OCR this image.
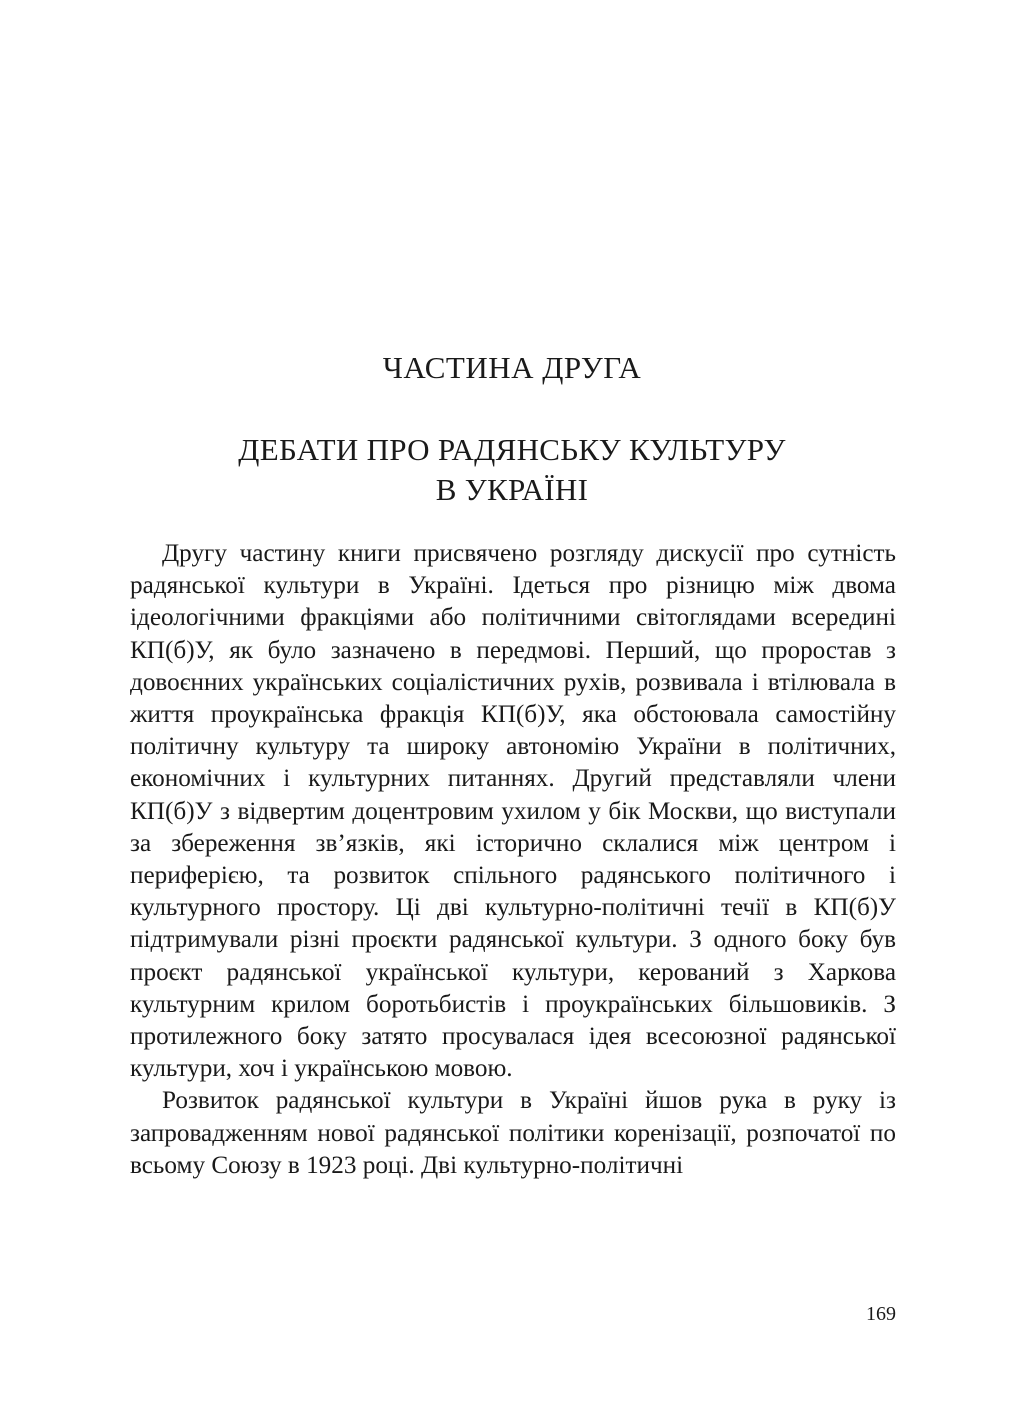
ЧАСТИНА ДРУГА
ДЕБАТИ ПРО РАДЯНСЬКУ КУЛЬТУРУ
В УКРАЇНІ

Другу частину книги присвячено розгляду дискусії про сутність радянської культури в Україні. Ідеться про різницю між двома ідеологічними фракціями або політичними світоглядами всередині КП(б)У, як було зазначено в передмові. Перший, що проростав з довоєнних українських соціалістичних рухів, розвивала і втілювала в життя проукраїнська фракція КП(б)У, яка обстоювала самостійну політичну культуру та широку автономію України в політичних, економічних і культурних питаннях. Другий представляли члени КП(б)У з відвертим доцентровим ухилом у бік Москви, що виступали за збереження зв’язків, які історично склалися між центром і периферією, та розвиток спільного радянського політичного і культурного простору. Ці дві культурно-політичні течії в КП(б)У підтримували різні проєкти радянської культури. З одного боку був проєкт радянської української культури, керований з Харкова культурним крилом боротьбистів і проукраїнських більшовиків. З протилежного боку затято просувалася ідея всесоюзної радянської культури, хоч і українською мовою.

Розвиток радянської культури в Україні йшов рука в руку із запровадженням нової радянської політики коренізації, розпочатої по всьому Союзу в 1923 році. Дві культурно-політичні

169
